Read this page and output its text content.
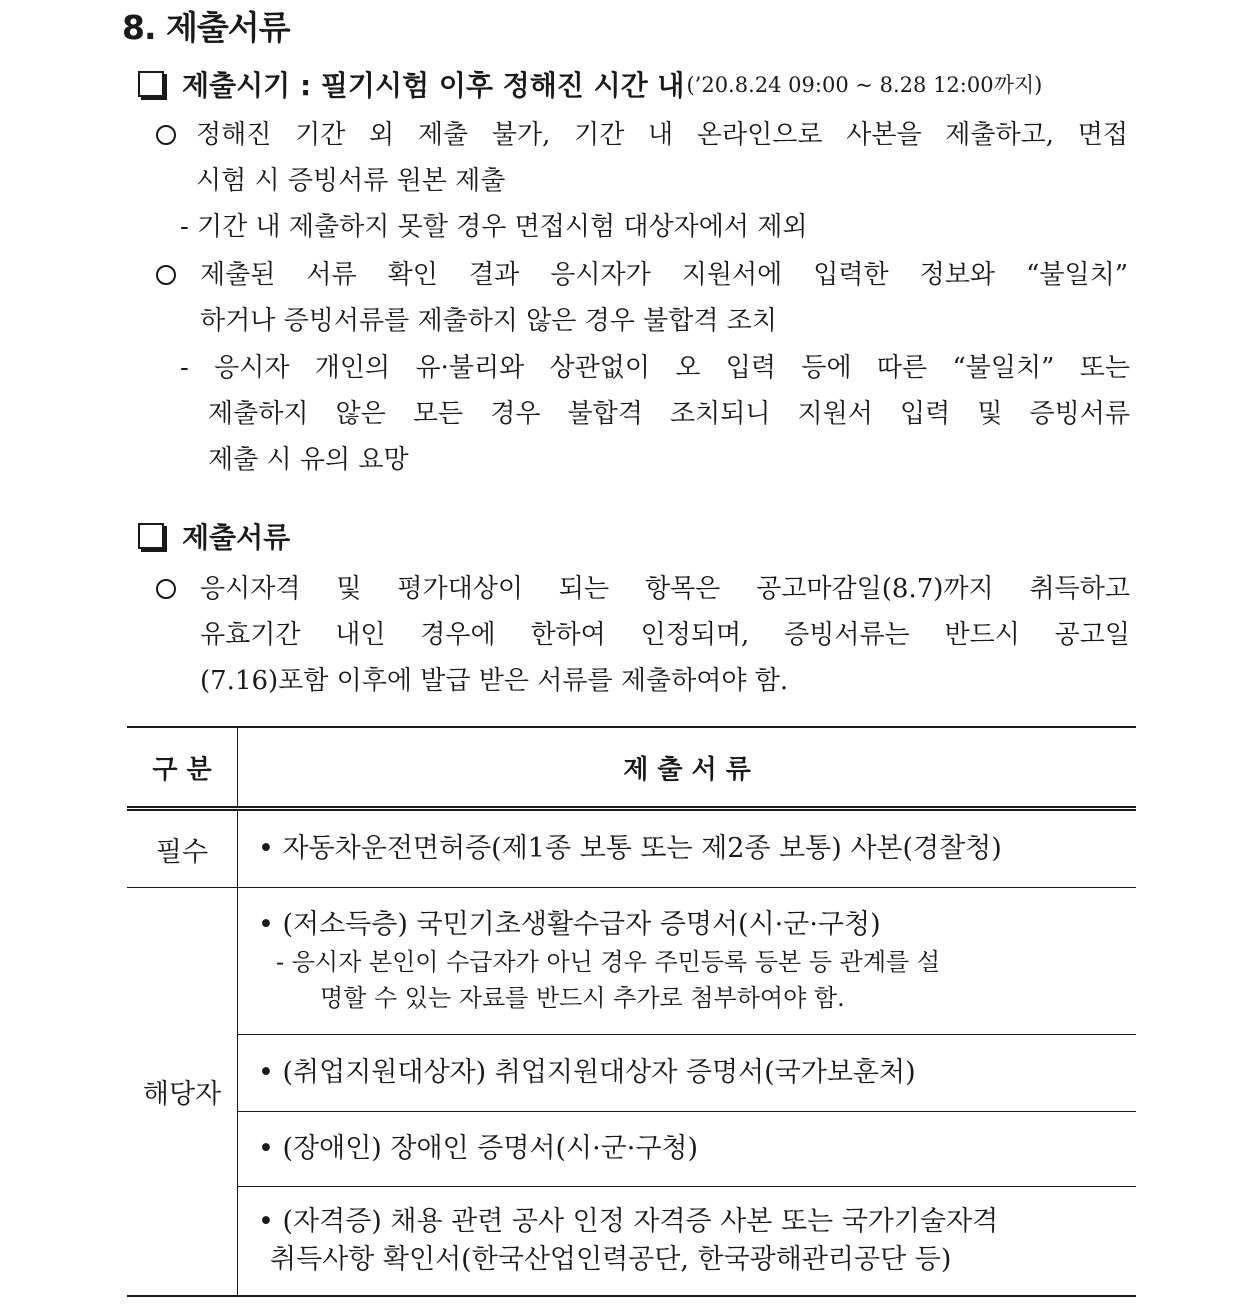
8. 제출서류
제출시기 : 필기시험 이후 정해진 시간 내 (’20.8.24 09:00 ~ 8.28 12:00까지)
정해진 기간 외 제출 불가, 기간 내 온라인으로 사본을 제출하고, 면접
시험 시 증빙서류 원본 제출
- 기간 내 제출하지 못할 경우 면접시험 대상자에서 제외
제출된 서류 확인 결과 응시자가 지원서에 입력한 정보와 “불일치”
하거나 증빙서류를 제출하지 않은 경우 불합격 조치
- 응시자 개인의 유·불리와 상관없이 오 입력 등에 따른 “불일치” 또는
제출하지 않은 모든 경우 불합격 조치되니 지원서 입력 및 증빙서류
제출 시 유의 요망
제출서류
응시자격 및 평가대상이 되는 항목은 공고마감일(8.7)까지 취득하고
유효기간 내인 경우에 한하여 인정되며, 증빙서류는 반드시 공고일
(7.16)포함 이후에 발급 받은 서류를 제출하여야 함.
구 분	제 출 서 류
필수	• 자동차운전면허증(제1종 보통 또는 제2종 보통) 사본(경찰청)
해당자	• (저소득층) 국민기초생활수급자 증명서(시·군·구청)
- 응시자 본인이 수급자가 아닌 경우 주민등록 등본 등 관계를 설
명할 수 있는 자료를 반드시 추가로 첨부하여야 함.

	• (취업지원대상자) 취업지원대상자 증명서(국가보훈처)
	• (장애인) 장애인 증명서(시·군·구청)

	• (자격증) 채용 관련 공사 인정 자격증 사본 또는 국가기술자격
취득사항 확인서(한국산업인력공단, 한국광해관리공단 등)
